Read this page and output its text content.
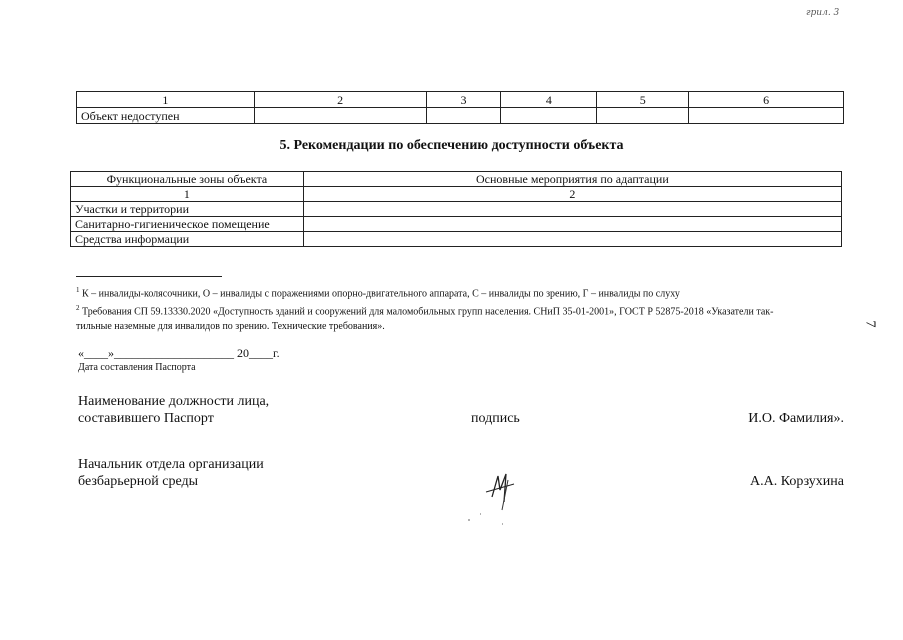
грил. 3
1	2	3	4	5	6
Объект недоступен					
5. Рекомендации по обеспечению доступности объекта
Функциональные зоны объекта	Основные мероприятия по адаптации
1	2
Участки и территории	
Санитарно-гигиеническое помещение	
Средства информации	
$^1$ К – инвалиды-колясочники, О – инвалиды с поражениями опорно-двигательного аппарата, С – инвалиды по зрению, Г – инвалиды по слуху
$^2$ Требования СП 59.13330.2020 «Доступность зданий и сооружений для маломобильных групп населения. СНиП 35-01-2001», ГОСТ Р 52875-2018 «Указатели так-
тильные наземные для инвалидов по зрению. Технические требования».
«____»____________________ 20____г.
Дата составления Паспорта
Наименование должности лица,
составившего Паспорт	подпись	И.О. Фамилия».
Начальник отдела организации
безбарьерной среды	А.А. Корзухина
7
